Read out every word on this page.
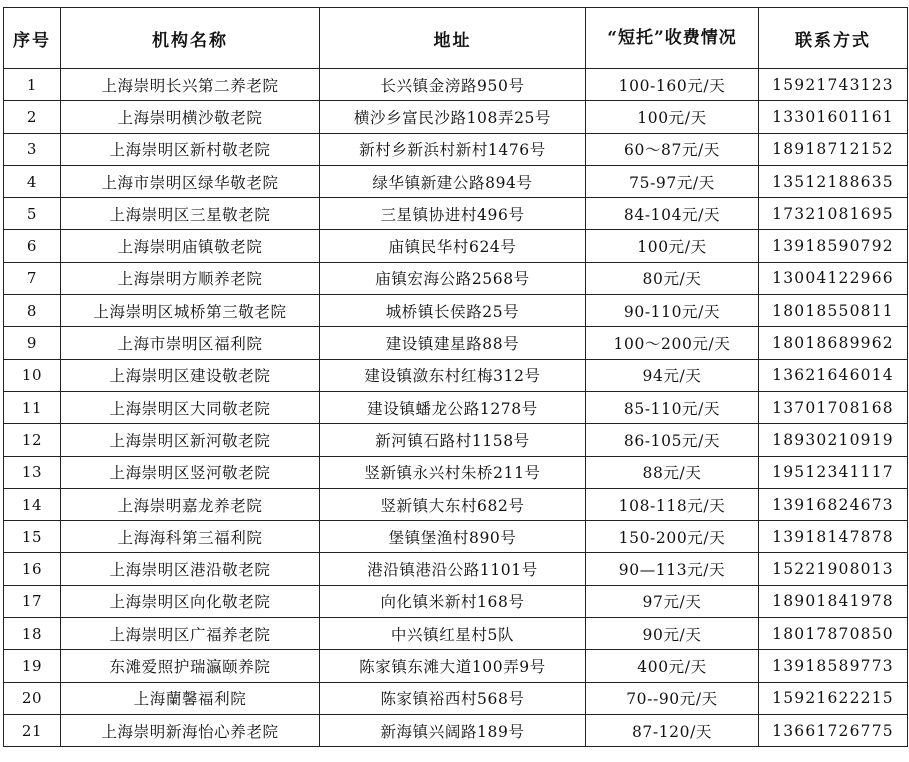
序号	机构名称	地址	“短托”收费情况	联系方式
1	上海崇明长兴第二养老院	长兴镇金滂路950号	100-160元/天	15921743123
2	上海崇明横沙敬老院	横沙乡富民沙路108弄25号	100元/天	13301601161
3	上海崇明区新村敬老院	新村乡新浜村新村1476号	60～87元/天	18918712152
4	上海市崇明区绿华敬老院	绿华镇新建公路894号	75-97元/天	13512188635
5	上海崇明区三星敬老院	三星镇协进村496号	84-104元/天	17321081695
6	上海崇明庙镇敬老院	庙镇民华村624号	100元/天	13918590792
7	上海崇明方顺养老院	庙镇宏海公路2568号	80元/天	13004122966
8	上海崇明区城桥第三敬老院	城桥镇长侯路25号	90-110元/天	18018550811
9	上海市崇明区福利院	建设镇建星路88号	100～200元/天	18018689962
10	上海崇明区建设敬老院	建设镇潋东村红梅312号	94元/天	13621646014
11	上海崇明区大同敬老院	建设镇蟠龙公路1278号	85-110元/天	13701708168
12	上海崇明区新河敬老院	新河镇石路村1158号	86-105元/天	18930210919
13	上海崇明区竖河敬老院	竖新镇永兴村朱桥211号	88元/天	19512341117
14	上海崇明嘉龙养老院	竖新镇大东村682号	108-118元/天	13916824673
15	上海海科第三福利院	堡镇堡渔村890号	150-200元/天	13918147878
16	上海崇明区港沿敬老院	港沿镇港沿公路1101号	90—113元/天	15221908013
17	上海崇明区向化敬老院	向化镇米新村168号	97元/天	18901841978
18	上海崇明区广福养老院	中兴镇红星村5队	90元/天	18017870850
19	东滩爱照护瑞瀛颐养院	陈家镇东滩大道100弄9号	400元/天	13918589773
20	上海蘭馨福利院	陈家镇裕西村568号	70--90元/天	15921622215
21	上海崇明新海怡心养老院	新海镇兴阔路189号	87-120/天	13661726775
